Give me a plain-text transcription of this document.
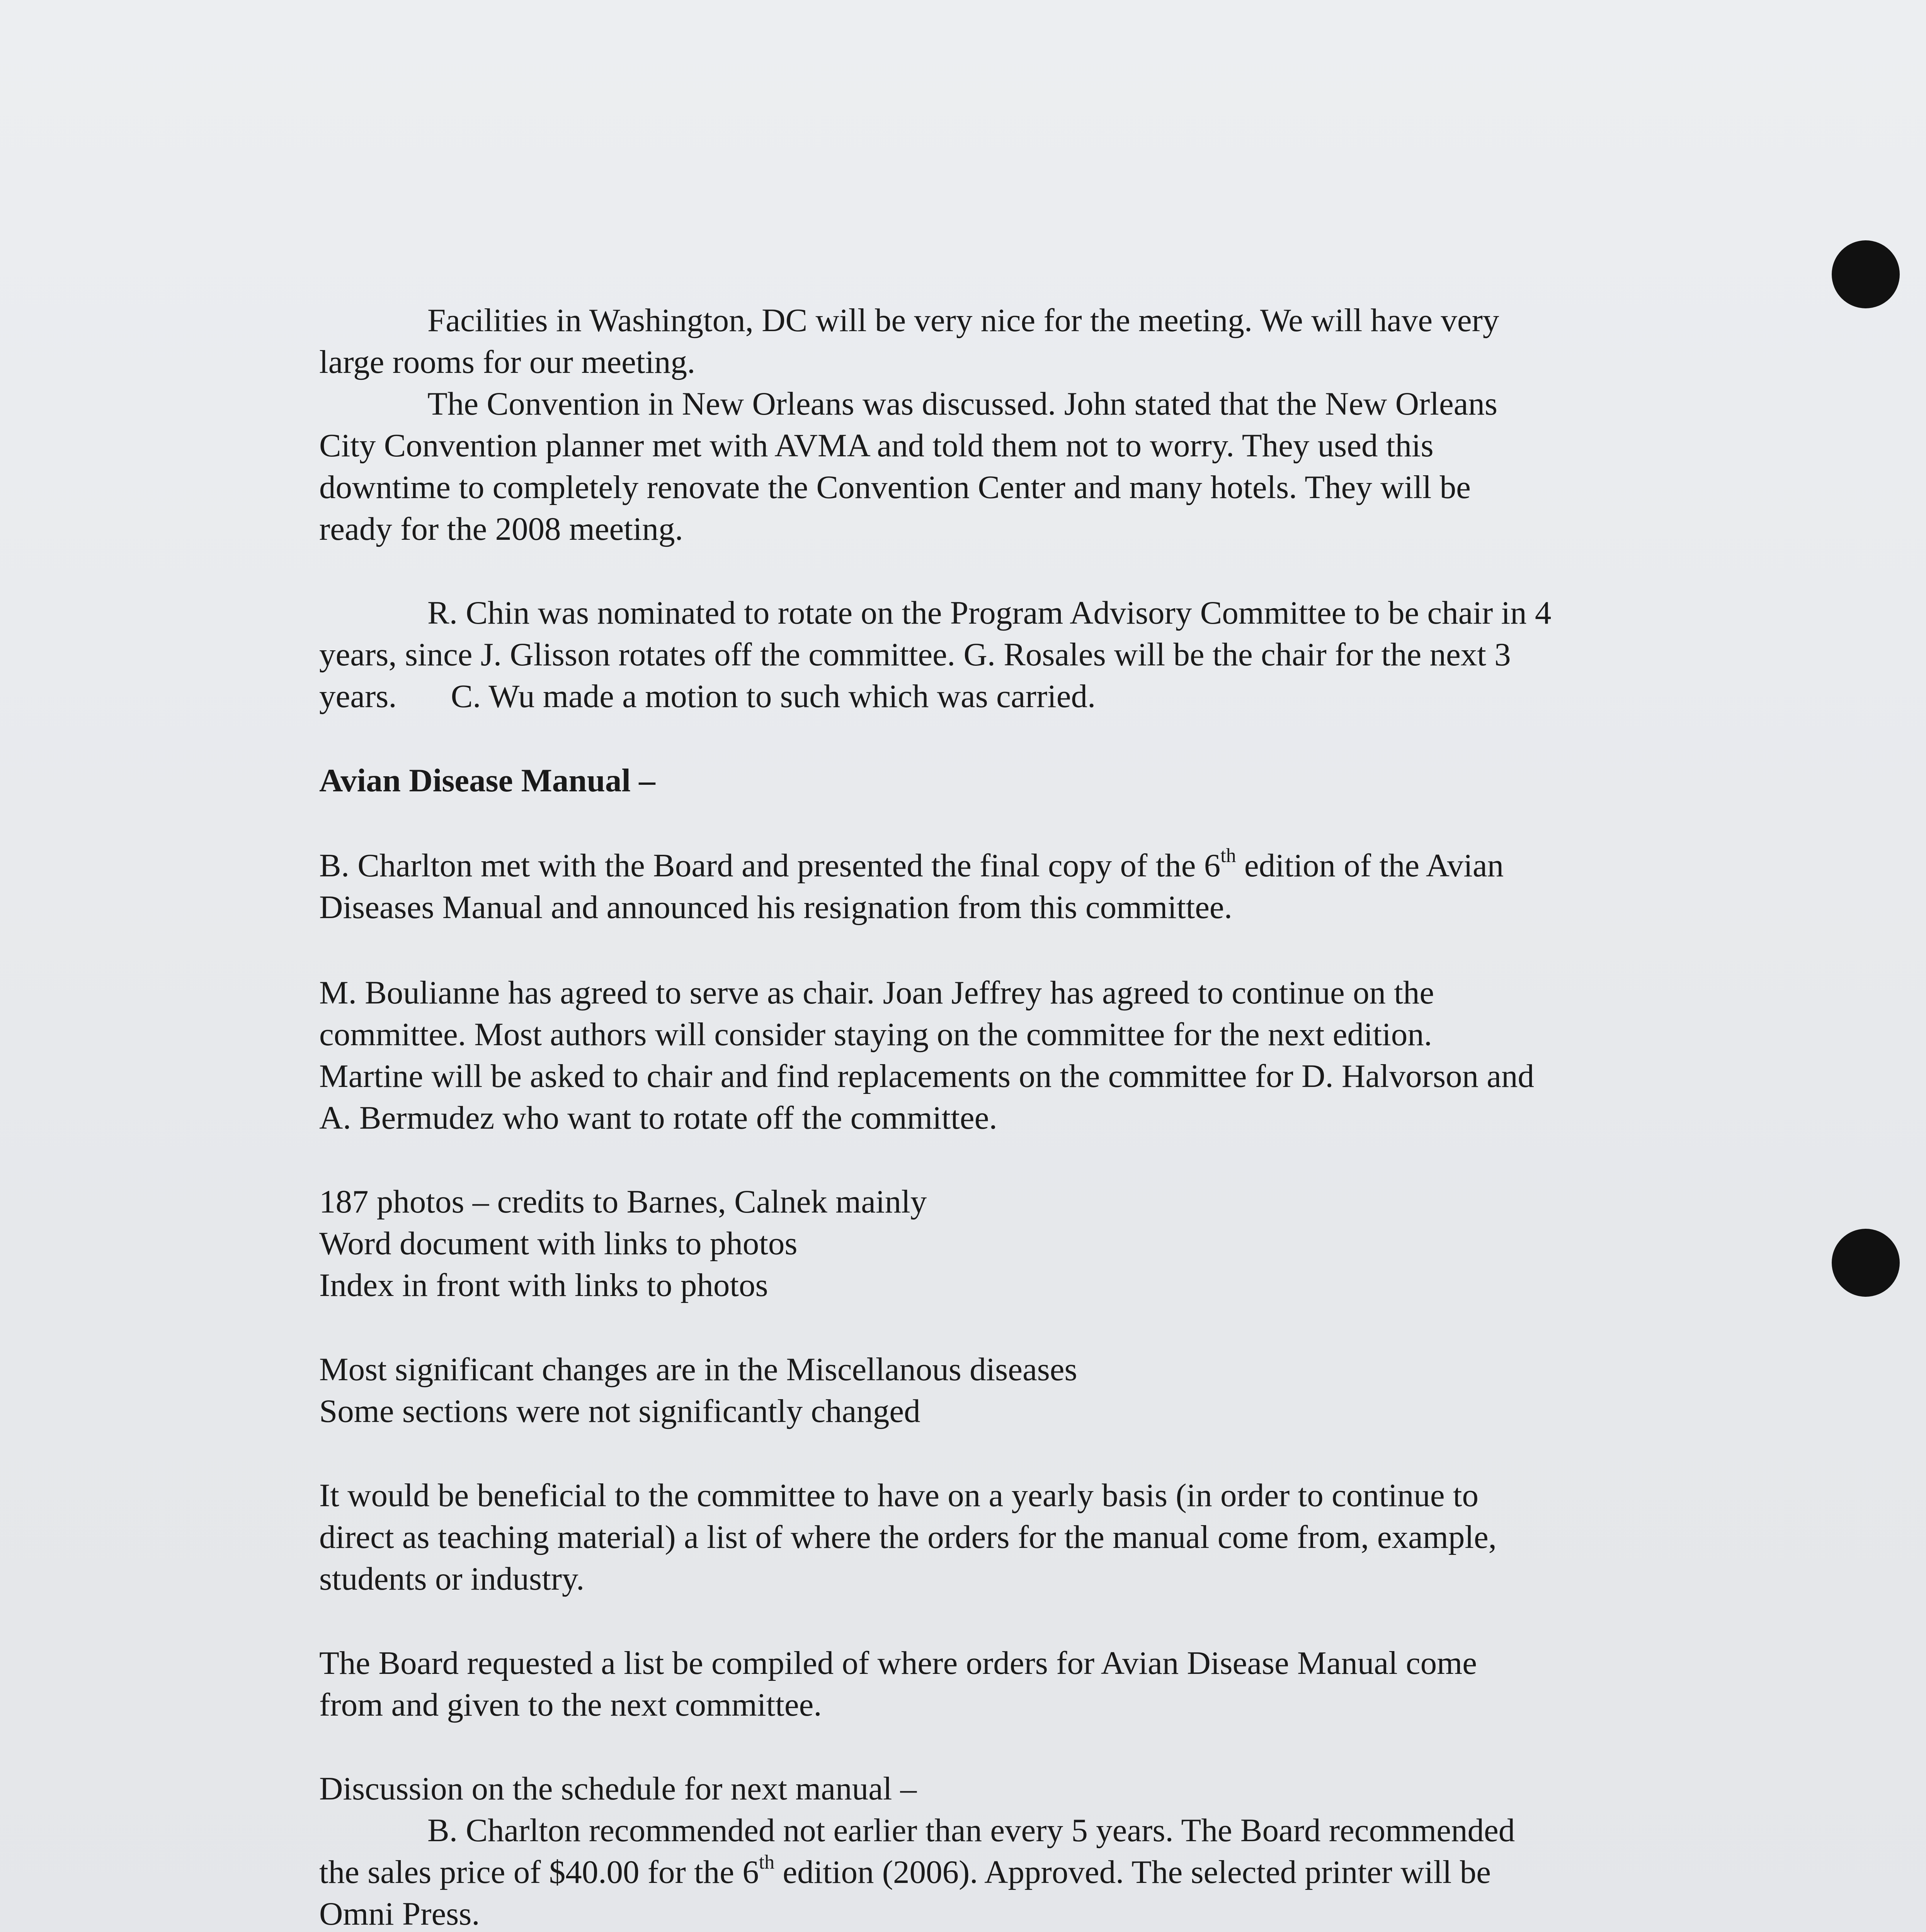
Facilities in Washington, DC will be very nice for the meeting. We will have very
large rooms for our meeting.
The Convention in New Orleans was discussed. John stated that the New Orleans
City Convention planner met with AVMA and told them not to worry. They used this
downtime to completely renovate the Convention Center and many hotels. They will be
ready for the 2008 meeting.
R. Chin was nominated to rotate on the Program Advisory Committee to be chair in 4
years, since J. Glisson rotates off the committee. G. Rosales will be the chair for the next 3
years. C. Wu made a motion to such which was carried.
Avian Disease Manual –
B. Charlton met with the Board and presented the final copy of the 6th edition of the Avian
Diseases Manual and announced his resignation from this committee.
M. Boulianne has agreed to serve as chair. Joan Jeffrey has agreed to continue on the
committee. Most authors will consider staying on the committee for the next edition.
Martine will be asked to chair and find replacements on the committee for D. Halvorson and
A. Bermudez who want to rotate off the committee.
187 photos – credits to Barnes, Calnek mainly
Word document with links to photos
Index in front with links to photos
Most significant changes are in the Miscellanous diseases
Some sections were not significantly changed
It would be beneficial to the committee to have on a yearly basis (in order to continue to
direct as teaching material) a list of where the orders for the manual come from, example,
students or industry.
The Board requested a list be compiled of where orders for Avian Disease Manual come
from and given to the next committee.
Discussion on the schedule for next manual –
B. Charlton recommended not earlier than every 5 years. The Board recommended
the sales price of $40.00 for the 6th edition (2006). Approved. The selected printer will be
Omni Press.
